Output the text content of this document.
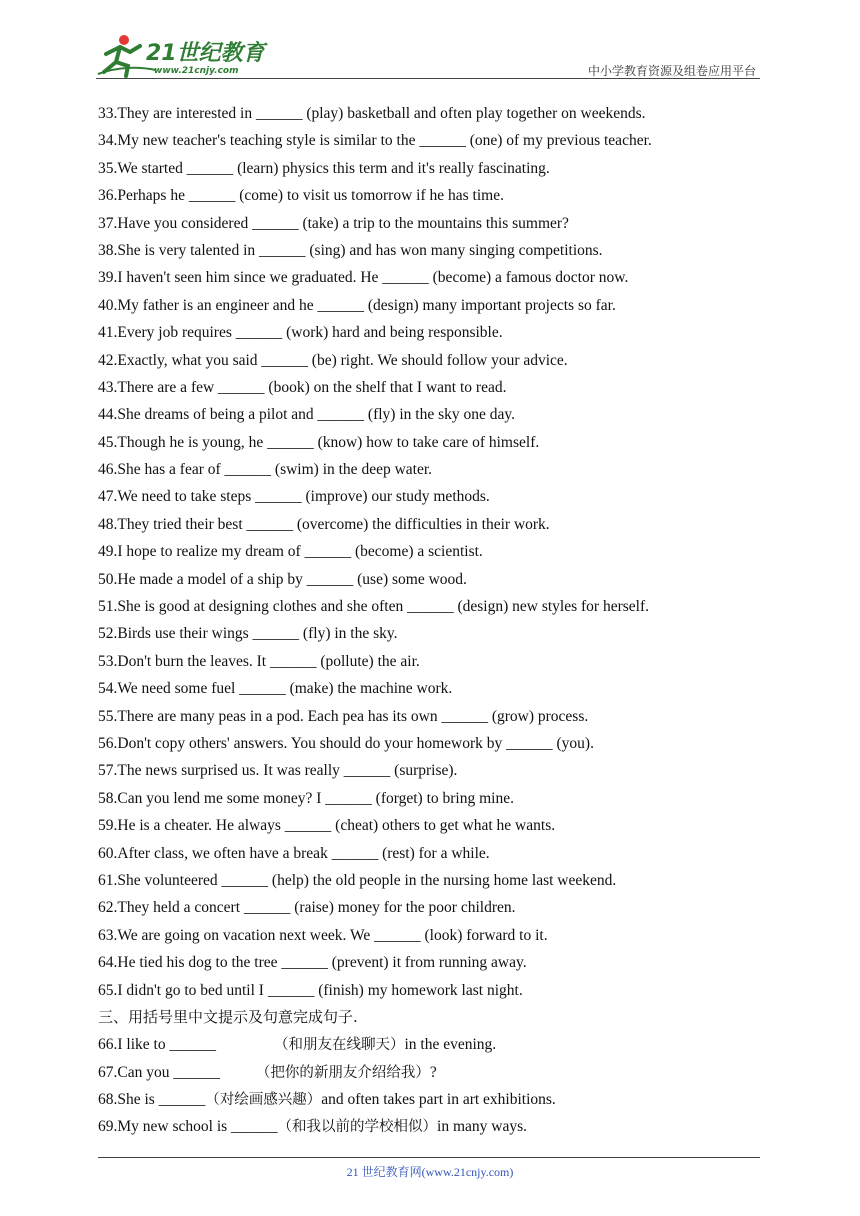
21世纪教育
www.21cnjy.com	中小学教育资源及组卷应用平台
33.They are interested in ______ (play) basketball and often play together on weekends.
34.My new teacher's teaching style is similar to the ______ (one) of my previous teacher.
35.We started ______ (learn) physics this term and it's really fascinating.
36.Perhaps he ______ (come) to visit us tomorrow if he has time.
37.Have you considered ______ (take) a trip to the mountains this summer?
38.She is very talented in ______ (sing) and has won many singing competitions.
39.I haven't seen him since we graduated. He ______ (become) a famous doctor now.
40.My father is an engineer and he ______ (design) many important projects so far.
41.Every job requires ______ (work) hard and being responsible.
42.Exactly, what you said ______ (be) right. We should follow your advice.
43.There are a few ______ (book) on the shelf that I want to read.
44.She dreams of being a pilot and ______ (fly) in the sky one day.
45.Though he is young, he ______ (know) how to take care of himself.
46.She has a fear of ______ (swim) in the deep water.
47.We need to take steps ______ (improve) our study methods.
48.They tried their best ______ (overcome) the difficulties in their work.
49.I hope to realize my dream of ______ (become) a scientist.
50.He made a model of a ship by ______ (use) some wood.
51.She is good at designing clothes and she often ______ (design) new styles for herself.
52.Birds use their wings ______ (fly) in the sky.
53.Don't burn the leaves. It ______ (pollute) the air.
54.We need some fuel ______ (make) the machine work.
55.There are many peas in a pod. Each pea has its own ______ (grow) process.
56.Don't copy others' answers. You should do your homework by ______ (you).
57.The news surprised us. It was really ______ (surprise).
58.Can you lend me some money? I ______ (forget) to bring mine.
59.He is a cheater. He always ______ (cheat) others to get what he wants.
60.After class, we often have a break ______ (rest) for a while.
61.She volunteered ______ (help) the old people in the nursing home last weekend.
62.They held a concert ______ (raise) money for the poor children.
63.We are going on vacation next week. We ______ (look) forward to it.
64.He tied his dog to the tree ______ (prevent) it from running away.
65.I didn't go to bed until I ______ (finish) my homework last night.
三、用括号里中文提示及句意完成句子.
66.I like to ______	（和朋友在线聊天）in the evening.
67.Can you ______ （把你的新朋友介绍给我）?
68.She is ______（对绘画感兴趣）and often takes part in art exhibitions.
69.My new school is ______（和我以前的学校相似）in many ways.
21 世纪教育网(www.21cnjy.com)
